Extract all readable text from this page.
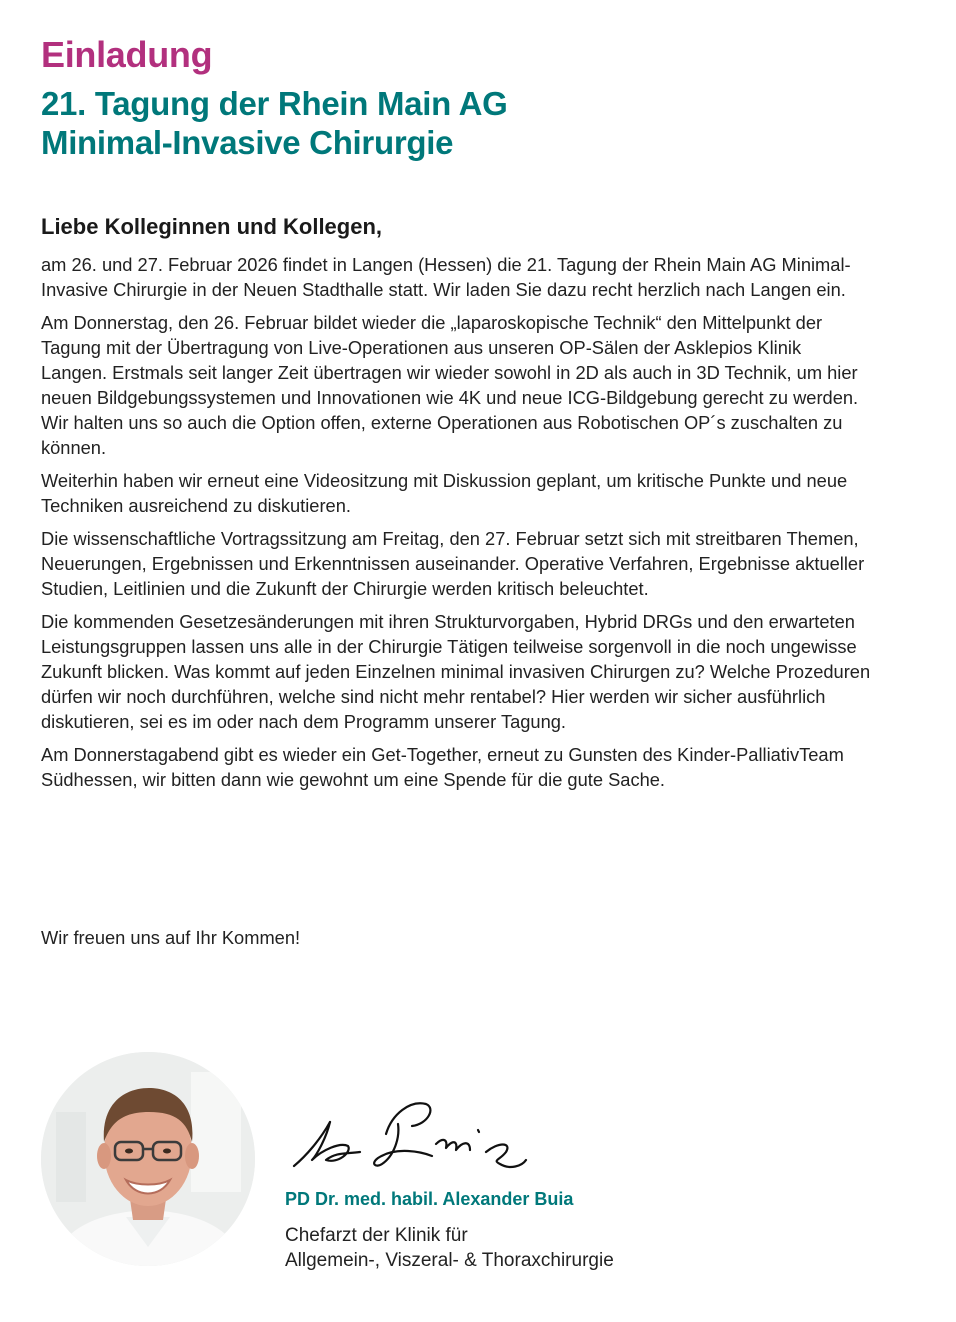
Einladung
21. Tagung der Rhein Main AG
Minimal-Invasive Chirurgie

Liebe Kolleginnen und Kollegen,

am 26. und 27. Februar 2026 findet in Langen (Hessen) die 21. Tagung der Rhein Main AG Minimal-Invasive Chirurgie in der Neuen Stadthalle statt. Wir laden Sie dazu recht herzlich nach Langen ein.

Am Donnerstag, den 26. Februar bildet wieder die „laparoskopische Technik“ den Mittelpunkt der Tagung mit der Übertragung von Live-Operationen aus unseren OP-Sälen der Asklepios Klinik Langen. Erstmals seit langer Zeit übertragen wir wieder sowohl in 2D als auch in 3D Technik, um hier neuen Bildgebungssystemen und Innovationen wie 4K und neue ICG-Bildgebung gerecht zu werden. Wir halten uns so auch die Option offen, externe Operationen aus Robotischen OP´s zuschalten zu können.

Weiterhin haben wir erneut eine Videositzung mit Diskussion geplant, um kritische Punkte und neue Techniken ausreichend zu diskutieren.

Die wissenschaftliche Vortragssitzung am Freitag, den 27. Februar setzt sich mit streitbaren Themen, Neuerungen, Ergebnissen und Erkenntnissen auseinander. Operative Verfahren, Ergebnisse aktueller Studien, Leitlinien und die Zukunft der Chirurgie werden kritisch beleuchtet.

Die kommenden Gesetzesänderungen mit ihren Strukturvorgaben, Hybrid DRGs und den erwarteten Leistungsgruppen lassen uns alle in der Chirurgie Tätigen teilweise sorgenvoll in die noch ungewisse Zukunft blicken. Was kommt auf jeden Einzelnen minimal invasiven Chirurgen zu? Welche Prozeduren dürfen wir noch durchführen, welche sind nicht mehr rentabel? Hier werden wir sicher ausführlich diskutieren, sei es im oder nach dem Programm unserer Tagung.

Am Donnerstagabend gibt es wieder ein Get-Together, erneut zu Gunsten des Kinder-PalliativTeam Südhessen, wir bitten dann wie gewohnt um eine Spende für die gute Sache.

Wir freuen uns auf Ihr Kommen!

PD Dr. med. habil. Alexander Buia

Chefarzt der Klinik für
Allgemein-, Viszeral- & Thoraxchirurgie
